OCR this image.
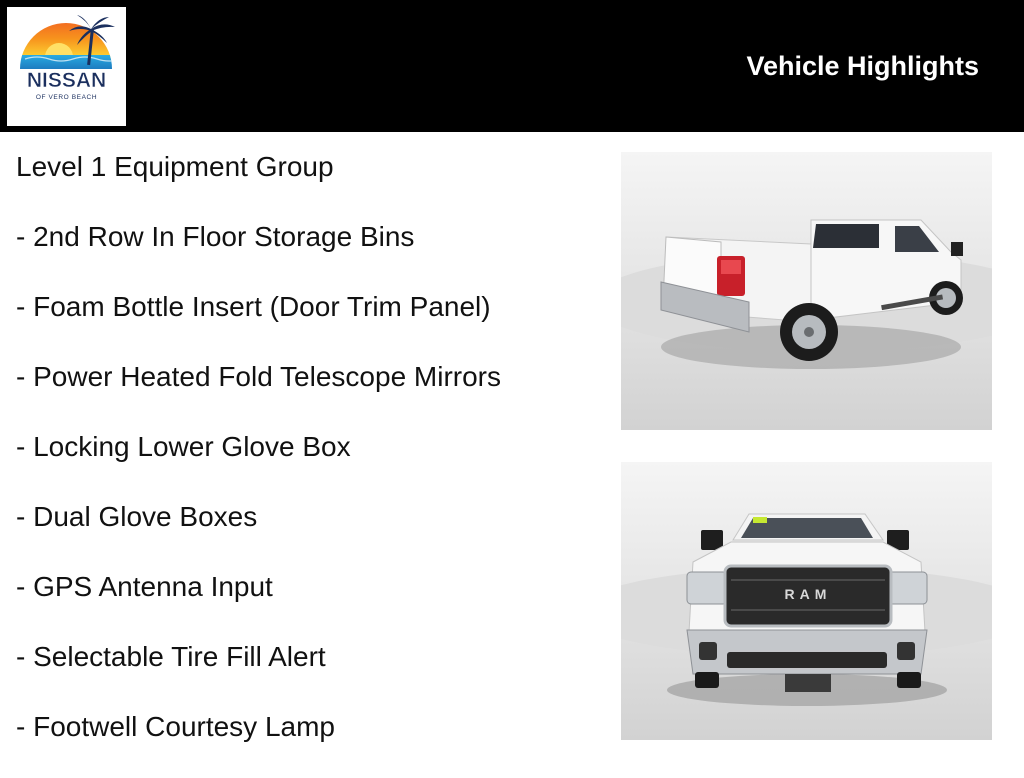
NISSAN
OF VERO BEACH
Vehicle Highlights
Level 1 Equipment Group
- 2nd Row In Floor Storage Bins
- Foam Bottle Insert (Door Trim Panel)
- Power Heated Fold Telescope Mirrors
- Locking Lower Glove Box
- Dual Glove Boxes
- GPS Antenna Input
- Selectable Tire Fill Alert
- Footwell Courtesy Lamp
RAM
